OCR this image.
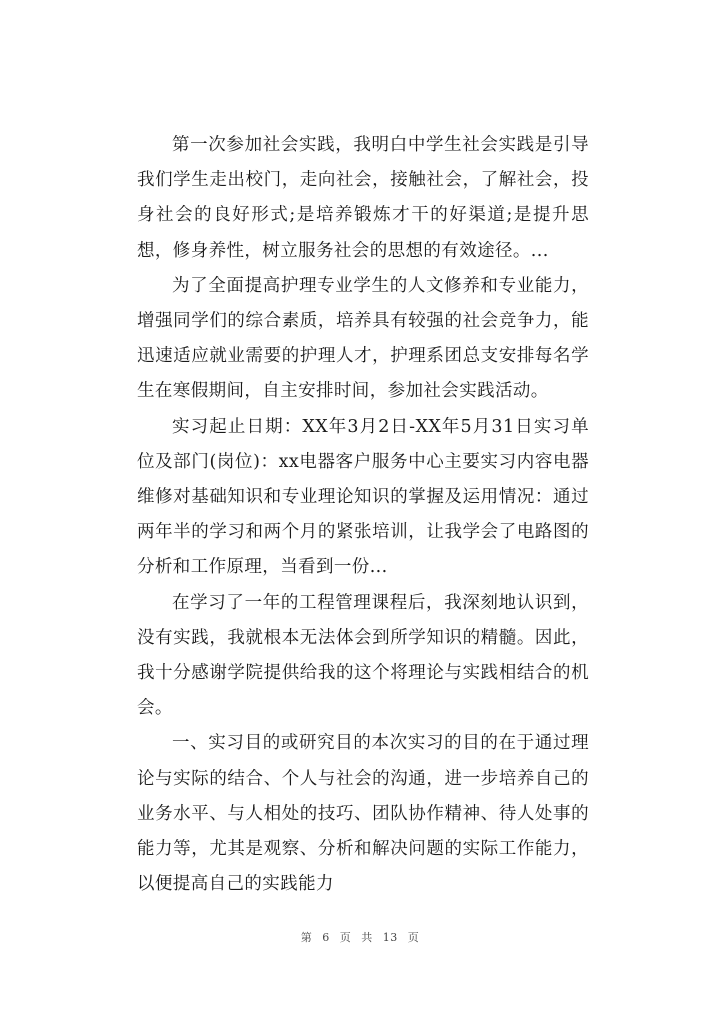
第一次参加社会实践，我明白中学生社会实践是引导我们学生走出校门，走向社会，接触社会，了解社会，投身社会的良好形式;是培养锻炼才干的好渠道;是提升思想，修身养性，树立服务社会的思想的有效途径。...

为了全面提高护理专业学生的人文修养和专业能力，增强同学们的综合素质，培养具有较强的社会竞争力，能迅速适应就业需要的护理人才，护理系团总支安排每名学生在寒假期间，自主安排时间，参加社会实践活动。

实习起止日期：XX年3月2日-XX年5月31日实习单位及部门(岗位)：xx电器客户服务中心主要实习内容电器维修对基础知识和专业理论知识的掌握及运用情况：通过两年半的学习和两个月的紧张培训，让我学会了电路图的分析和工作原理，当看到一份...

在学习了一年的工程管理课程后，我深刻地认识到，没有实践，我就根本无法体会到所学知识的精髓。因此，我十分感谢学院提供给我的这个将理论与实践相结合的机会。

一、实习目的或研究目的本次实习的目的在于通过理论与实际的结合、个人与社会的沟通，进一步培养自己的业务水平、与人相处的技巧、团队协作精神、待人处事的能力等，尤其是观察、分析和解决问题的实际工作能力，以便提高自己的实践能力

第 6 页 共 13 页
